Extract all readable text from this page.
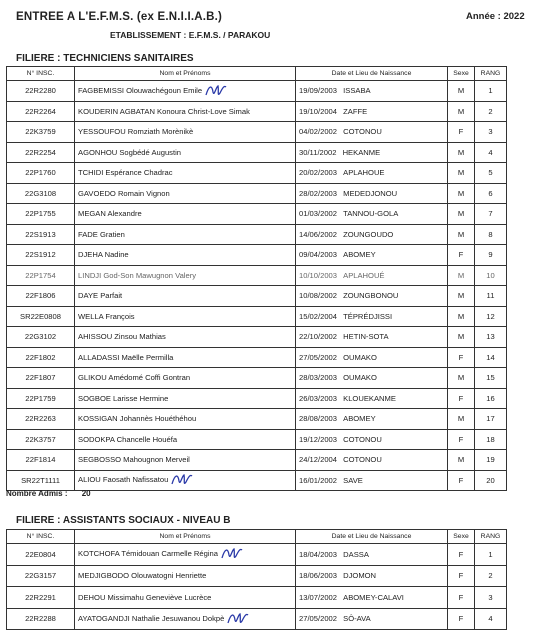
ENTREE A L'E.F.M.S. (ex E.N.I.I.A.B.)	Année : 2022
ETABLISSEMENT : E.F.M.S. / PARAKOU
FILIERE : TECHNICIENS SANITAIRES
N° INSC.	Nom et Prénoms	Date et Lieu de Naissance	Sexe	RANG
22R2280	FAGBEMISSI Olouwachégoun Emile	19/09/2003 ISSABA	M	1
22R2264	KOUDERIN AGBATAN Konoura Christ-Love Simak	19/10/2004 ZAFFE	M	2
22K3759	YESSOUFOU Romziath Morènikè	04/02/2002 COTONOU	F	3
22R2254	AGONHOU Sogbédé Augustin	30/11/2002 HEKANME	M	4
22P1760	TCHIDI Espérance Chadrac	20/02/2003 APLAHOUE	M	5
22G3108	GAVOEDO Romain Vignon	28/02/2003 MEDEDJONOU	M	6
22P1755	MEGAN Alexandre	01/03/2002 TANNOU-GOLA	M	7
22S1913	FADE Gratien	14/06/2002 ZOUNGOUDO	M	8
22S1912	DJEHA Nadine	09/04/2003 ABOMEY	F	9
22P1754	LINDJI God-Son Mawugnon Valery	10/10/2003 APLAHOUÉ	M	10
22F1806	DAYE Parfait	10/08/2002 ZOUNGBONOU	M	11
SR22E0808	WELLA François	15/02/2004 TÉPRÉDJISSI	M	12
22G3102	AHISSOU Zinsou Mathias	22/10/2002 HETIN-SOTA	M	13
22F1802	ALLADASSI Maëlle Permilla	27/05/2002 OUMAKO	F	14
22F1807	GLIKOU Amédomé Coffi Gontran	28/03/2003 OUMAKO	M	15
22P1759	SOGBOE Larisse Hermine	26/03/2003 KLOUEKANME	F	16
22R2263	KOSSIGAN Johannès Houéthéhou	28/08/2003 ABOMEY	M	17
22K3757	SODOKPA Chancelle Houéfa	19/12/2003 COTONOU	F	18
22F1814	SEGBOSSO Mahougnon Merveil	24/12/2004 COTONOU	M	19
SR22T1111	ALIOU Faosath Nafissatou	16/01/2002 SAVE	F	20
Nombre Admis : 20
FILIERE : ASSISTANTS SOCIAUX - NIVEAU B
N° INSC.	Nom et Prénoms	Date et Lieu de Naissance	Sexe	RANG
22E0804	KOTCHOFA Témidouan Carmelle Régina	18/04/2003 DASSA	F	1
22G3157	MEDJIGBODO Olouwatogni Henriette	18/06/2003 DJOMON	F	2
22R2291	DEHOU Missimahu Geneviève Lucrèce	13/07/2002 ABOMEY-CALAVI	F	3
22R2288	AYATOGANDJI Nathalie Jesuwanou Dokpè	27/05/2002 SÔ-AVA	F	4
